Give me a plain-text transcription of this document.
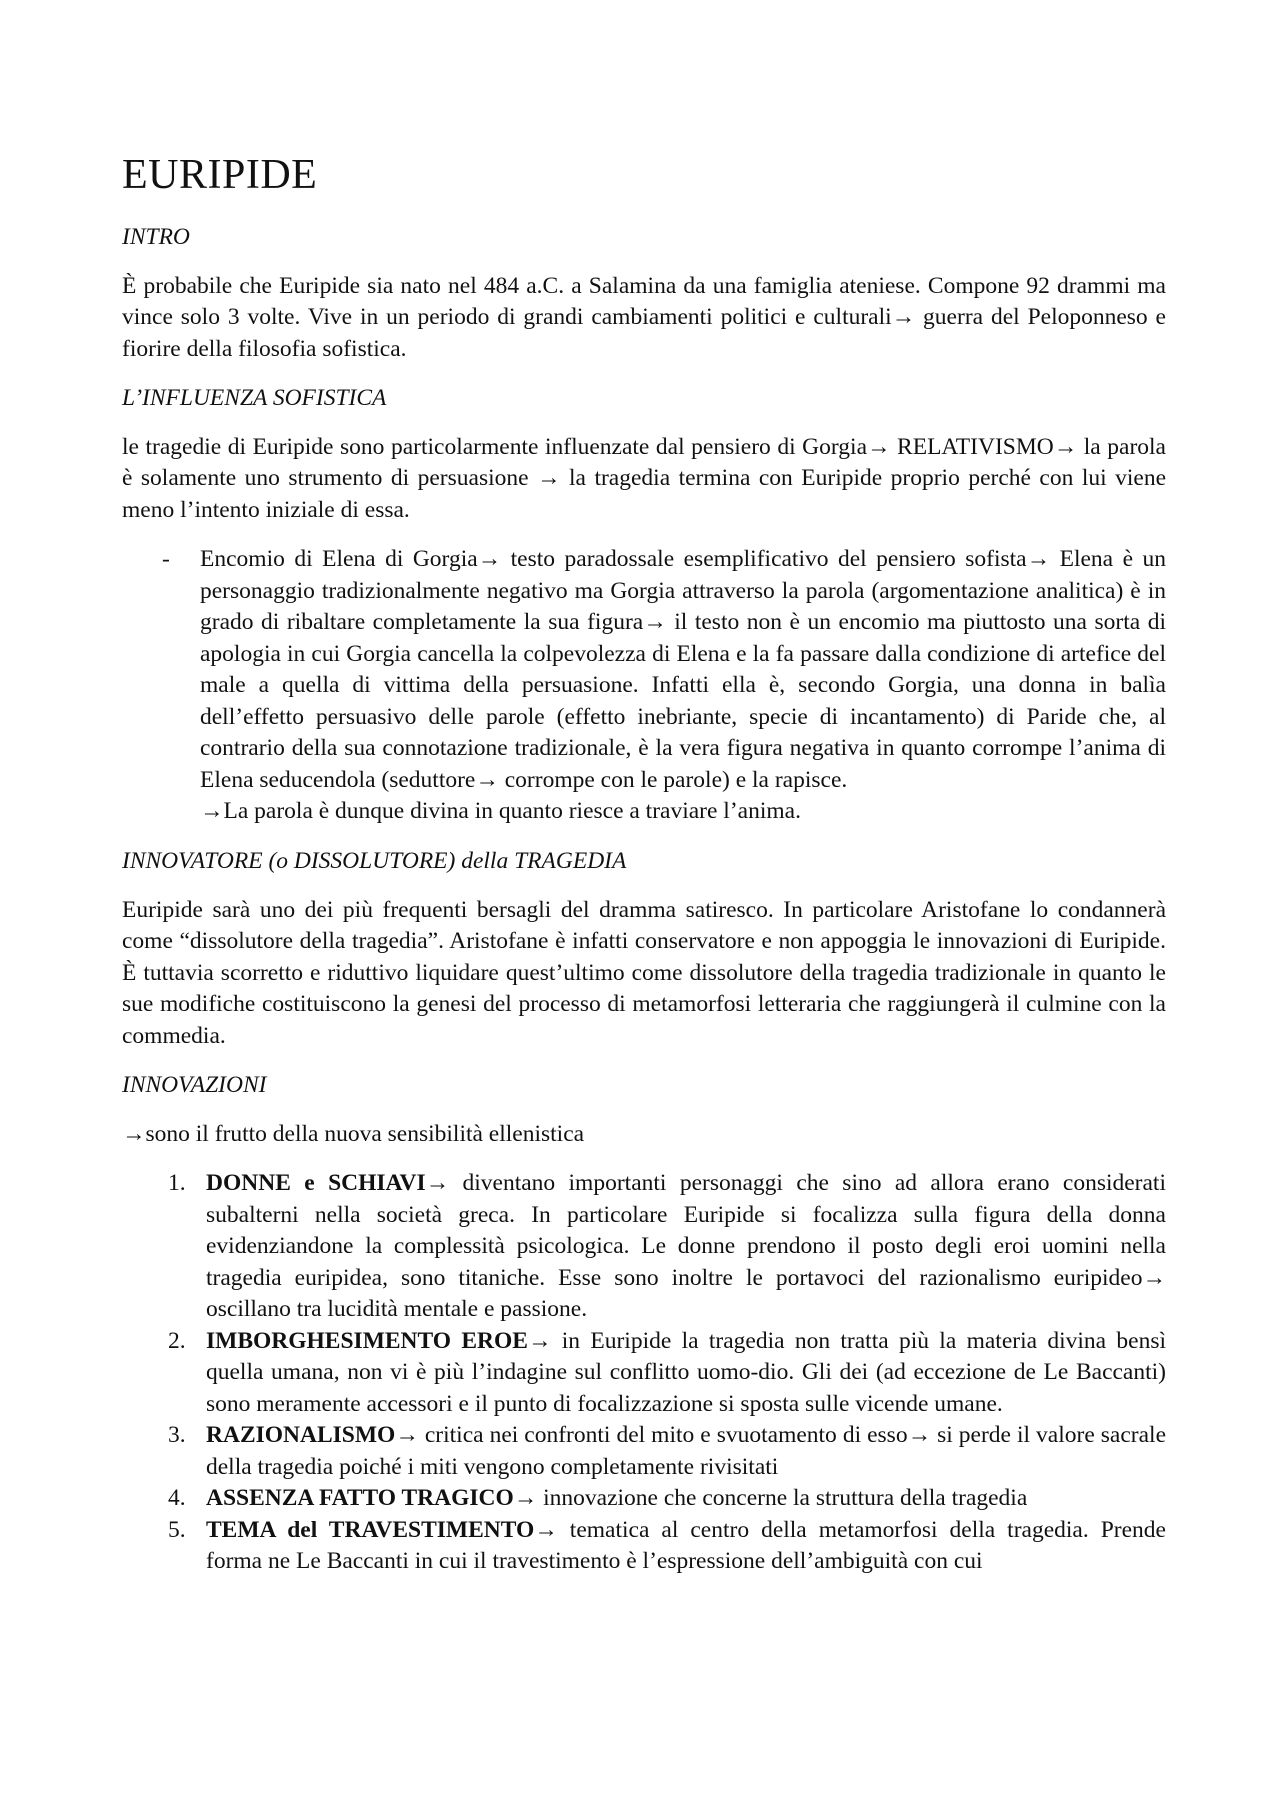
EURIPIDE
INTRO

È probabile che Euripide sia nato nel 484 a.C. a Salamina da una famiglia ateniese. Compone 92 drammi ma vince solo 3 volte. Vive in un periodo di grandi cambiamenti politici e culturali→ guerra del Peloponneso e fiorire della filosofia sofistica.

L’INFLUENZA SOFISTICA

le tragedie di Euripide sono particolarmente influenzate dal pensiero di Gorgia→ RELATIVISMO→ la parola è solamente uno strumento di persuasione → la tragedia termina con Euripide proprio perché con lui viene meno l’intento iniziale di essa.

- Encomio di Elena di Gorgia→ testo paradossale esemplificativo del pensiero sofista→ Elena è un personaggio tradizionalmente negativo ma Gorgia attraverso la parola (argomentazione analitica) è in grado di ribaltare completamente la sua figura→ il testo non è un encomio ma piuttosto una sorta di apologia in cui Gorgia cancella la colpevolezza di Elena e la fa passare dalla condizione di artefice del male a quella di vittima della persuasione. Infatti ella è, secondo Gorgia, una donna in balìa dell’effetto persuasivo delle parole (effetto inebriante, specie di incantamento) di Paride che, al contrario della sua connotazione tradizionale, è la vera figura negativa in quanto corrompe l’anima di Elena seducendola (seduttore→ corrompe con le parole) e la rapisce.
→La parola è dunque divina in quanto riesce a traviare l’anima.
INNOVATORE (o DISSOLUTORE) della TRAGEDIA

Euripide sarà uno dei più frequenti bersagli del dramma satiresco. In particolare Aristofane lo condannerà come “dissolutore della tragedia”. Aristofane è infatti conservatore e non appoggia le innovazioni di Euripide. È tuttavia scorretto e riduttivo liquidare quest’ultimo come dissolutore della tragedia tradizionale in quanto le sue modifiche costituiscono la genesi del processo di metamorfosi letteraria che raggiungerà il culmine con la commedia.

INNOVAZIONI

→sono il frutto della nuova sensibilità ellenistica

1. DONNE e SCHIAVI→ diventano importanti personaggi che sino ad allora erano considerati subalterni nella società greca. In particolare Euripide si focalizza sulla figura della donna evidenziandone la complessità psicologica. Le donne prendono il posto degli eroi uomini nella tragedia euripidea, sono titaniche. Esse sono inoltre le portavoci del razionalismo euripideo→ oscillano tra lucidità mentale e passione.
2. IMBORGHESIMENTO EROE→ in Euripide la tragedia non tratta più la materia divina bensì quella umana, non vi è più l’indagine sul conflitto uomo-dio. Gli dei (ad eccezione de Le Baccanti) sono meramente accessori e il punto di focalizzazione si sposta sulle vicende umane.
3. RAZIONALISMO→ critica nei confronti del mito e svuotamento di esso→ si perde il valore sacrale della tragedia poiché i miti vengono completamente rivisitati
4. ASSENZA FATTO TRAGICO→ innovazione che concerne la struttura della tragedia
5. TEMA del TRAVESTIMENTO→ tematica al centro della metamorfosi della tragedia. Prende forma ne Le Baccanti in cui il travestimento è l’espressione dell’ambiguità con cui
